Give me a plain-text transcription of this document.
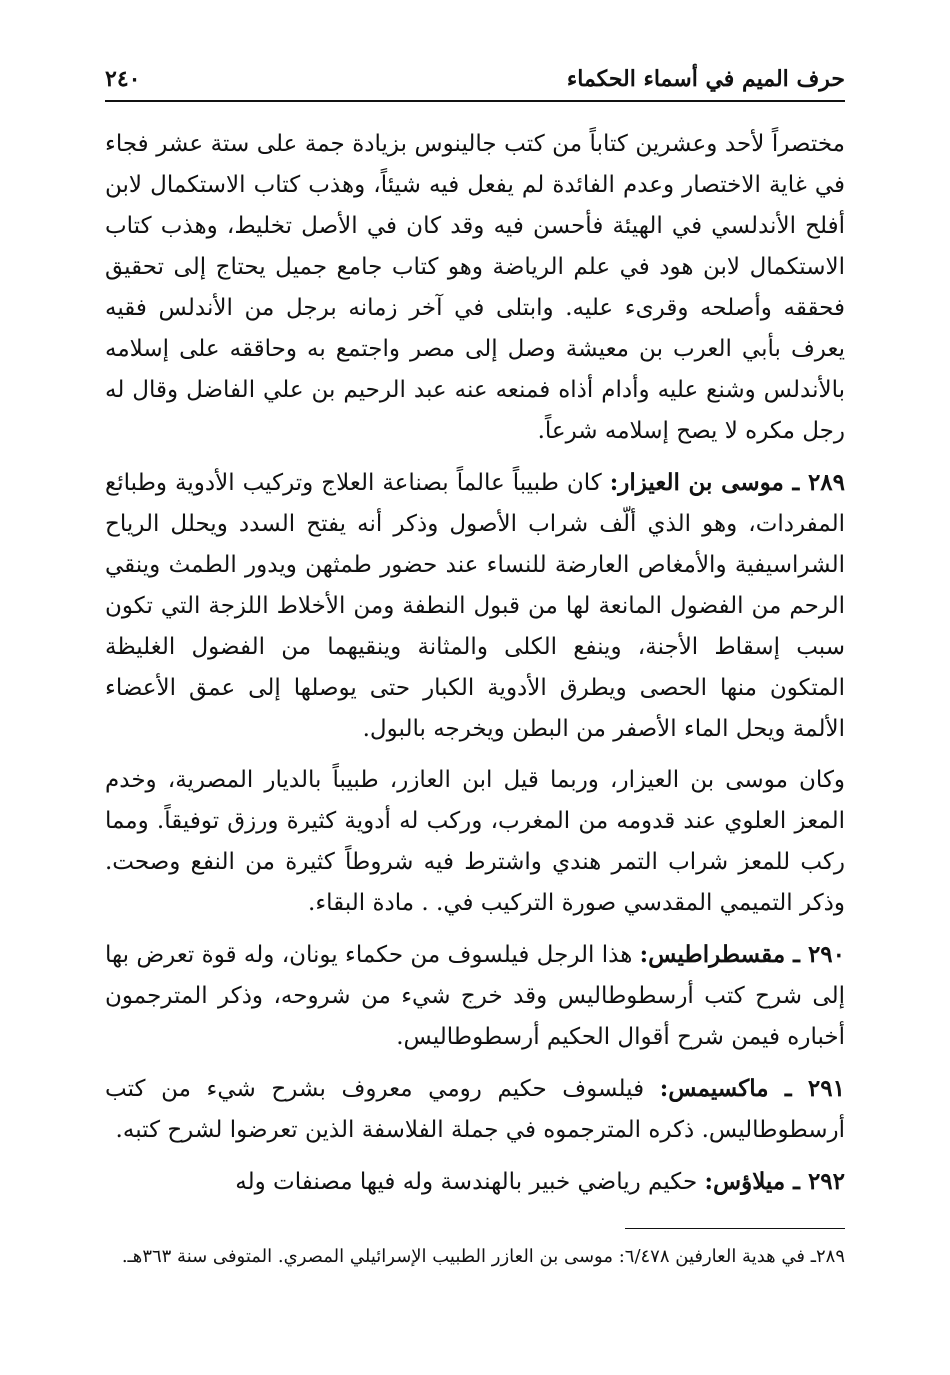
حرف الميم في أسماء الحكماء
٢٤٠

مختصراً لأحد وعشرين كتاباً من كتب جالينوس بزيادة جمة على ستة عشر فجاء في غاية الاختصار وعدم الفائدة لم يفعل فيه شيئاً، وهذب كتاب الاستكمال لابن أفلح الأندلسي في الهيئة فأحسن فيه وقد كان في الأصل تخليط، وهذب كتاب الاستكمال لابن هود في علم الرياضة وهو كتاب جامع جميل يحتاج إلى تحقيق فحققه وأصلحه وقرىء عليه. وابتلى في آخر زمانه برجل من الأندلس فقيه يعرف بأبي العرب بن معيشة وصل إلى مصر واجتمع به وحاققه على إسلامه بالأندلس وشنع عليه وأدام أذاه فمنعه عنه عبد الرحيم بن علي الفاضل وقال له رجل مكره لا يصح إسلامه شرعاً.

٢٨٩ ـ موسى بن العيزار: كان طبيباً عالماً بصناعة العلاج وتركيب الأدوية وطبائع المفردات، وهو الذي ألّف شراب الأصول وذكر أنه يفتح السدد ويحلل الرياح الشراسيفية والأمغاص العارضة للنساء عند حضور طمثهن ويدور الطمث وينقي الرحم من الفضول المانعة لها من قبول النطفة ومن الأخلاط اللزجة التي تكون سبب إسقاط الأجنة، وينفع الكلى والمثانة وينقيهما من الفضول الغليظة المتكون منها الحصى ويطرق الأدوية الكبار حتى يوصلها إلى عمق الأعضاء الألمة ويحل الماء الأصفر من البطن ويخرجه بالبول.

وكان موسى بن العيزار، وربما قيل ابن العازر، طبيباً بالديار المصرية، وخدم المعز العلوي عند قدومه من المغرب، وركب له أدوية كثيرة ورزق توفيقاً. ومما ركب للمعز شراب التمر هندي واشترط فيه شروطاً كثيرة من النفع وصحت. وذكر التميمي المقدسي صورة التركيب في. . مادة البقاء.

٢٩٠ ـ مقسطراطيس: هذا الرجل فيلسوف من حكماء يونان، وله قوة تعرض بها إلى شرح كتب أرسطوطاليس وقد خرج شيء من شروحه، وذكر المترجمون أخباره فيمن شرح أقوال الحكيم أرسطوطاليس.

٢٩١ ـ ماكسيمس: فيلسوف حكيم رومي معروف بشرح شيء من كتب أرسطوطاليس. ذكره المترجموه في جملة الفلاسفة الذين تعرضوا لشرح كتبه.

٢٩٢ ـ ميلاؤس: حكيم رياضي خبير بالهندسة وله فيها مصنفات وله

٢٨٩ـ في هدية العارفين ٦/٤٧٨: موسى بن العازر الطبيب الإسرائيلي المصري. المتوفى سنة ٣٦٣هـ.
